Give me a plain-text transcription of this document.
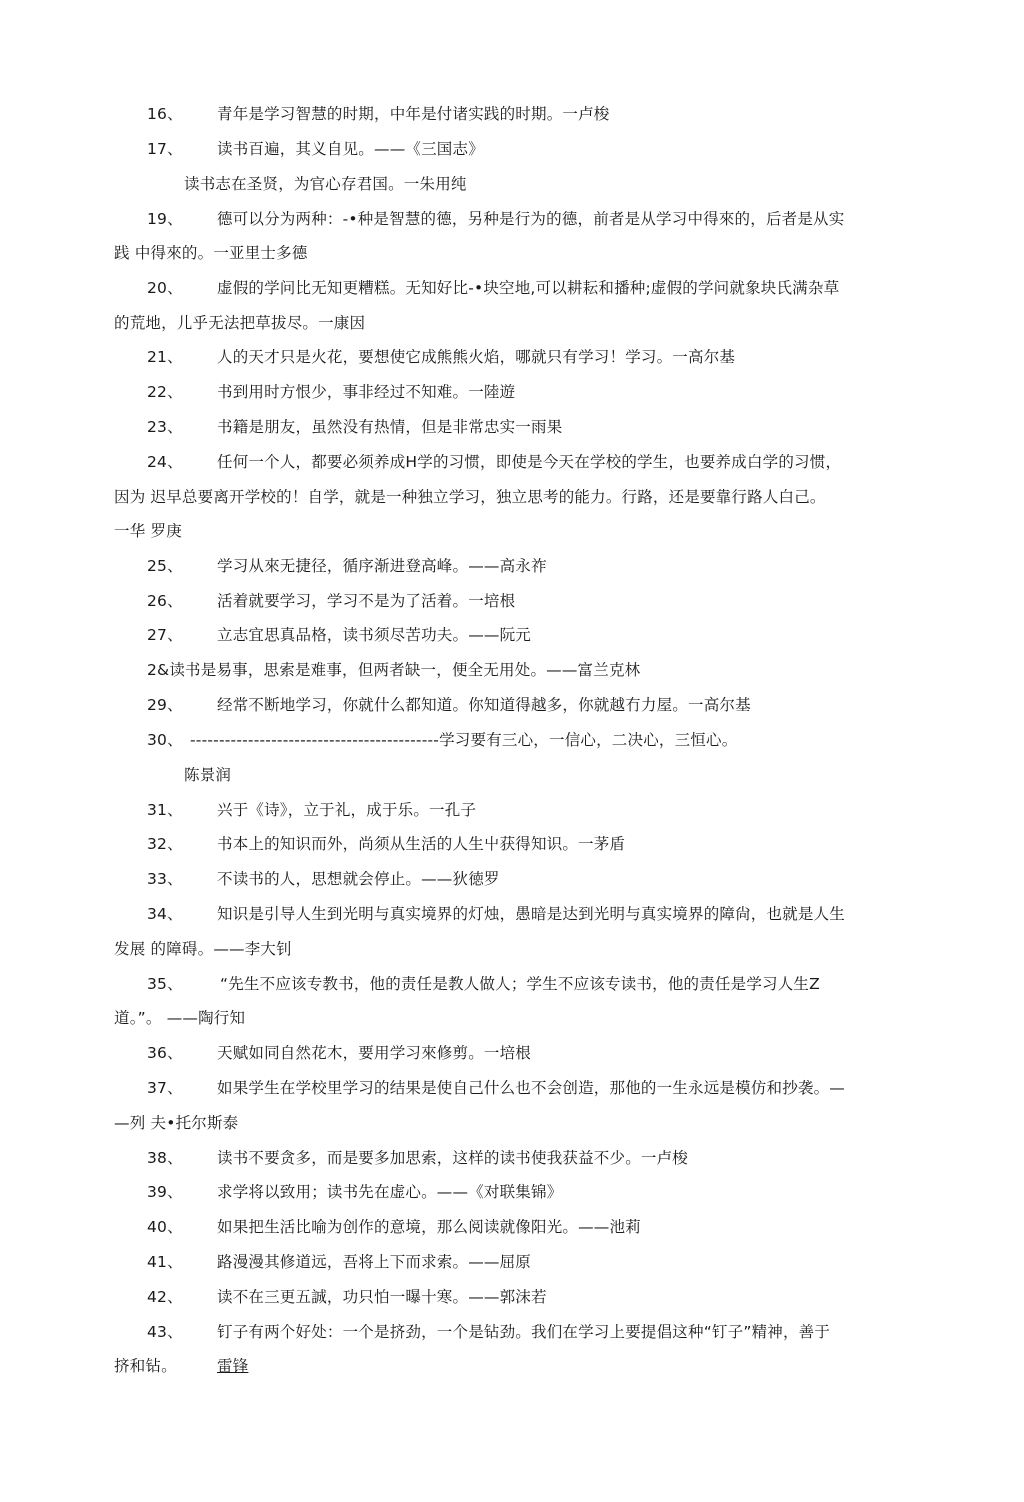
16、 青年是学习智慧的时期，中年是付诸实践的时期。一卢梭
17、 读书百遍，其义自见。——《三国志》
读书志在圣贤，为官心存君国。一朱用纯
19、 德可以分为两种：-•种是智慧的德，另种是行为的德，前者是从学习中得來的，后者是从实
践 中得來的。一亚里士多德
20、 虚假的学问比无知更糟糕。无知好比-•块空地,可以耕耘和播种;虚假的学问就象块氏满杂草
的荒地，儿乎无法把草拔尽。一康因
21、 人的天才只是火花，要想使它成熊熊火焰，哪就只有学习！学习。一高尔基
22、 书到用时方恨少，事非经过不知难。一陸遊
23、 书籍是朋友，虽然没有热情，但是非常忠实一雨果
24、 任何一个人，都要必须养成H学的习惯，即使是今天在学校的学生，也要养成白学的习惯，
因为 迟早总要离开学校的！自学，就是一种独立学习，独立思考的能力。行路，还是要靠行路人白己。
一华 罗庚
25、 学习从來无捷径，循序渐进登高峰。——高永祚
26、 活着就要学习，学习不是为了活着。一培根
27、 立志宜思真品格，读书须尽苦功夫。——阮元
2&读书是易事，思索是难事，但两者缺一，便全无用处。——富兰克林
29、 经常不断地学习，你就什么都知道。你知道得越多，你就越冇力屋。一高尔基
30、 -------------------------------------------学习要有三心，一信心，二决心，三恒心。
陈景润
31、 兴于《诗》，立于礼，成于乐。一孔子
32、 书本上的知识而外，尚须从生活的人生屮获得知识。一茅盾
33、 不读书的人，思想就会停止。——狄徳罗
34、 知识是引导人生到光明与真实境界的灯烛，愚暗是达到光明与真实境界的障尙，也就是人生
发展 的障碍。——李大钊
35、 “先生不应该专教书，他的责任是教人做人；学生不应该专读书，他的责任是学习人生Z
道。”。 ——陶行知
36、 天赋如同自然花木，要用学习來修剪。一培根
37、 如果学生在学校里学习的结果是使自己什么也不会创造，那他的一生永远是模仿和抄袭。—
—列 夫•托尔斯泰
38、 读书不要贪多，而是要多加思索，这样的读书使我获益不少。一卢梭
39、 求学将以致用；读书先在虚心。——《对联集锦》
40、 如果把生活比喻为创作的意境，那么阅读就像阳光。——池莉
41、 路漫漫其修道远，吾将上下而求索。——屈原
42、 读不在三更五誠，功只怕一曝十寒。——郭沫若
43、 钉子有两个好处：一个是挤劲，一个是钻劲。我们在学习上要提倡这种“钉子”精神，善于
挤和钻。	雷锋
